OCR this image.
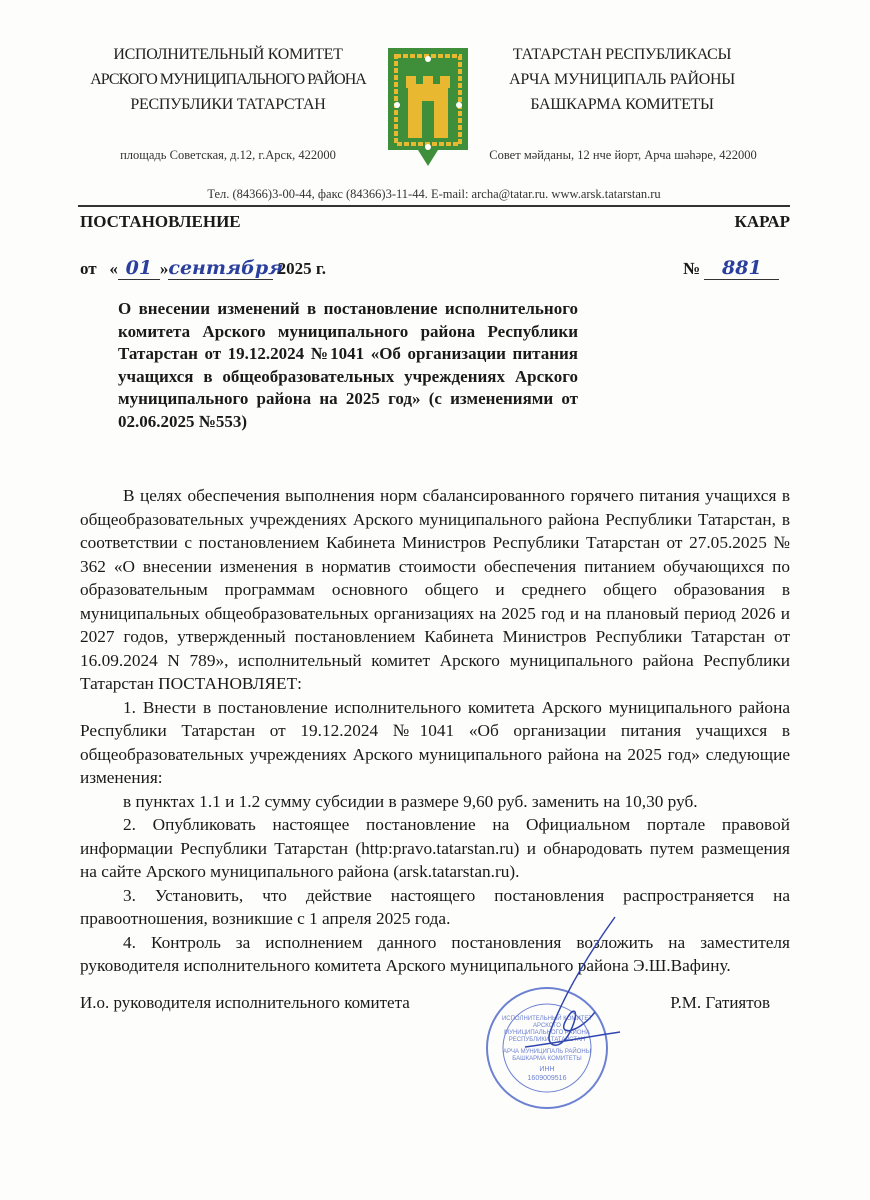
ИСПОЛНИТЕЛЬНЫЙ КОМИТЕТ
АРСКОГО МУНИЦИПАЛЬНОГО РАЙОНА
РЕСПУБЛИКИ ТАТАРСТАН
площадь Советская, д.12, г.Арск, 422000
ТАТАРСТАН РЕСПУБЛИКАСЫ
АРЧА МУНИЦИПАЛЬ РАЙОНЫ
БАШКАРМА КОМИТЕТЫ
Совет мәйданы, 12 нче йорт, Арча шәһәре, 422000
Тел. (84366)3-00-44, факс (84366)3-11-44. E-mail: archa@tatar.ru. www.arsk.tatarstan.ru
ПОСТАНОВЛЕНИЕ	КАРАР
от   « 01 »сентября 2025 г.	№ 881
О внесении изменений в постановление исполнительного комитета Арского муниципального района Республики Татарстан от 19.12.2024 №1041 «Об организации питания учащихся в общеобразовательных учреждениях Арского муниципального района на 2025 год» (с изменениями от 02.06.2025 №553)

В целях обеспечения выполнения норм сбалансированного горячего питания учащихся в общеобразовательных учреждениях Арского муниципального района Республики Татарстан, в соответствии с постановлением Кабинета Министров Республики Татарстан от 27.05.2025 № 362 «О внесении изменения в норматив стоимости обеспечения питанием обучающихся по образовательным программам основного общего и среднего общего образования в муниципальных общеобразовательных организациях на 2025 год и на плановый период 2026 и 2027 годов, утвержденный постановлением Кабинета Министров Республики Татарстан от 16.09.2024 N 789», исполнительный комитет Арского муниципального района Республики Татарстан ПОСТАНОВЛЯЕТ:

1. Внести в постановление исполнительного комитета Арского муниципального района Республики Татарстан от 19.12.2024 №1041 «Об организации питания учащихся в общеобразовательных учреждениях Арского муниципального района на 2025 год» следующие изменения:

в пунктах 1.1 и 1.2 сумму субсидии в размере 9,60 руб. заменить на 10,30 руб.

2. Опубликовать настоящее постановление на Официальном портале правовой информации Республики Татарстан (http:pravo.tatarstan.ru) и обнародовать путем размещения на сайте Арского муниципального района (arsk.tatarstan.ru).

3. Установить, что действие настоящего постановления распространяется на правоотношения, возникшие с 1 апреля 2025 года.

4. Контроль за исполнением данного постановления возложить на заместителя руководителя исполнительного комитета Арского муниципального района Э.Ш.Вафину.

И.о. руководителя исполнительного комитета	Р.М. Гатиятов
ИСПОЛНИТЕЛЬНЫЙ КОМИТЕТ
АРСКОГО
МУНИЦИПАЛЬНОГО РАЙОНА
РЕСПУБЛИКИ ТАТАРСТАН
АРЧА МУНИЦИПАЛЬ РАЙОНЫ
БАШКАРМА КОМИТЕТЫ
ИНН
1609009516
